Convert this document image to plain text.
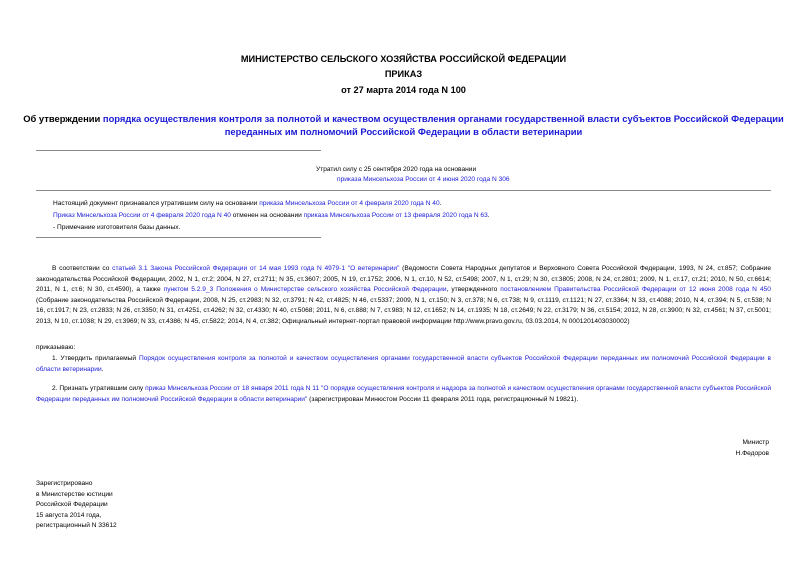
МИНИСТЕРСТВО СЕЛЬСКОГО ХОЗЯЙСТВА РОССИЙСКОЙ ФЕДЕРАЦИИ
ПРИКАЗ
от 27 марта 2014 года N 100
Об утверждении порядка осуществления контроля за полнотой и качеством осуществления органами государственной власти субъектов Российской Федерации
переданных им полномочий Российской Федерации в области ветеринарии
Утратил силу с 25 сентября 2020 года на основании
приказа Минсельхоза России от 4 июня 2020 года N 306
Настоящий документ признавался утратившим силу на основании приказа Минсельхоза России от 4 февраля 2020 года N 40.
Приказ Минсельхоза России от 4 февраля 2020 года N 40 отменен на основании приказа Минсельхоза России от 13 февраля 2020 года N 63.
- Примечание изготовителя базы данных.
В соответствии со статьей 3.1 Закона Российской Федерации от 14 мая 1993 года N 4979-1 "О ветеринарии" (Ведомости Совета Народных депутатов и Верховного Совета Российской Федерации, 1993, N 24, ст.857; Собрание законодательства Российской Федерации, 2002, N 1, ст.2; 2004, N 27, ст.2711; N 35, ст.3607; 2005, N 19, ст.1752; 2006, N 1, ст.10, N 52, ст.5498; 2007, N 1, ст.29; N 30, ст.3805; 2008, N 24, ст.2801; 2009, N 1, ст.17, ст.21; 2010, N 50, ст.6614; 2011, N 1, ст.6; N 30, ст.4590), а также пунктом 5.2.9_3 Положения о Министерстве сельского хозяйства Российской Федерации, утвержденного постановлением Правительства Российской Федерации от 12 июня 2008 года N 450 (Собрание законодательства Российской Федерации, 2008, N 25, ст.2983; N 32, ст.3791; N 42, ст.4825; N 46, ст.5337; 2009, N 1, ст.150; N 3, ст.378; N 6, ст.738; N 9, ст.1119, ст.1121; N 27, ст.3364; N 33, ст.4088; 2010, N 4, ст.394; N 5, ст.538; N 16, ст.1917; N 23, ст.2833; N 26, ст.3350; N 31, ст.4251, ст.4262; N 32, ст.4330; N 40, ст.5068; 2011, N 6, ст.888; N 7, ст.983; N 12, ст.1652; N 14, ст.1935; N 18, ст.2649; N 22, ст.3179; N 36, ст.5154; 2012, N 28, ст.3900; N 32, ст.4561; N 37, ст.5001; 2013, N 10, ст.1038; N 29, ст.3969; N 33, ст.4386; N 45, ст.5822; 2014, N 4, ст.382; Официальный интернет-портал правовой информации http://www.pravo.gov.ru, 03.03.2014, N 0001201403030002)
приказываю:
1. Утвердить прилагаемый Порядок осуществления контроля за полнотой и качеством осуществления органами государственной власти субъектов Российской Федерации переданных им полномочий Российской Федерации в области ветеринарии.
2. Признать утратившим силу приказ Минсельхоза России от 18 января 2011 года N 11 "О порядке осуществления контроля и надзора за полнотой и качеством осуществления органами государственной власти субъектов Российской Федерации переданных им полномочий Российской Федерации в области ветеринарии" (зарегистрирован Минюстом России 11 февраля 2011 года, регистрационный N 19821).
Министр
Н.Федоров
Зарегистрировано
в Министерстве юстиции
Российской Федерации
15 августа 2014 года,
регистрационный N 33612
